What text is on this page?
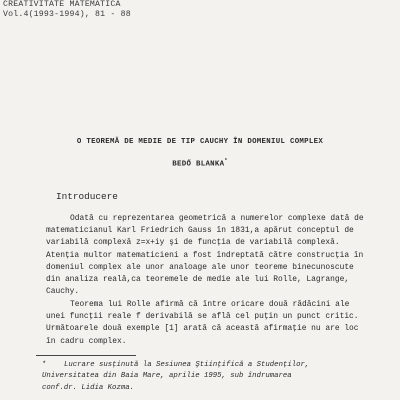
CREATIVITATE MATEMATICA
Vol.4(1993-1994), 81 - 88
O TEOREMĂ DE MEDIE DE TIP CAUCHY ÎN DOMENIUL COMPLEX
BEDŐ BLANKA*
Introducere
Odată cu reprezentarea geometrică a numerelor complexe dată de
matematicianul Karl Friedrich Gauss în 1831,a apărut conceptul de
variabilă complexă z=x+iy şi de funcţia de variabilă complexă.
Atenţia multor matematicieni a fost îndreptată către construcţia în
domeniul complex ale unor analoage ale unor teoreme binecunoscute
din analiza reală,ca teoremele de medie ale lui Rolle, Lagrange,
Cauchy.
Teorema lui Rolle afirmă că între oricare două rădăcini ale
unei funcţii reale f derivabilă se află cel puţin un punct critic.
Următoarele două exemple [1] arată că această afirmaţie nu are loc
în cadru complex.
* Lucrare susţinută la Sesiunea Ştiinţifică a Studenţilor,
Universitatea din Baia Mare, aprilie 1995, sub îndrumarea
conf.dr. Lidia Kozma.
